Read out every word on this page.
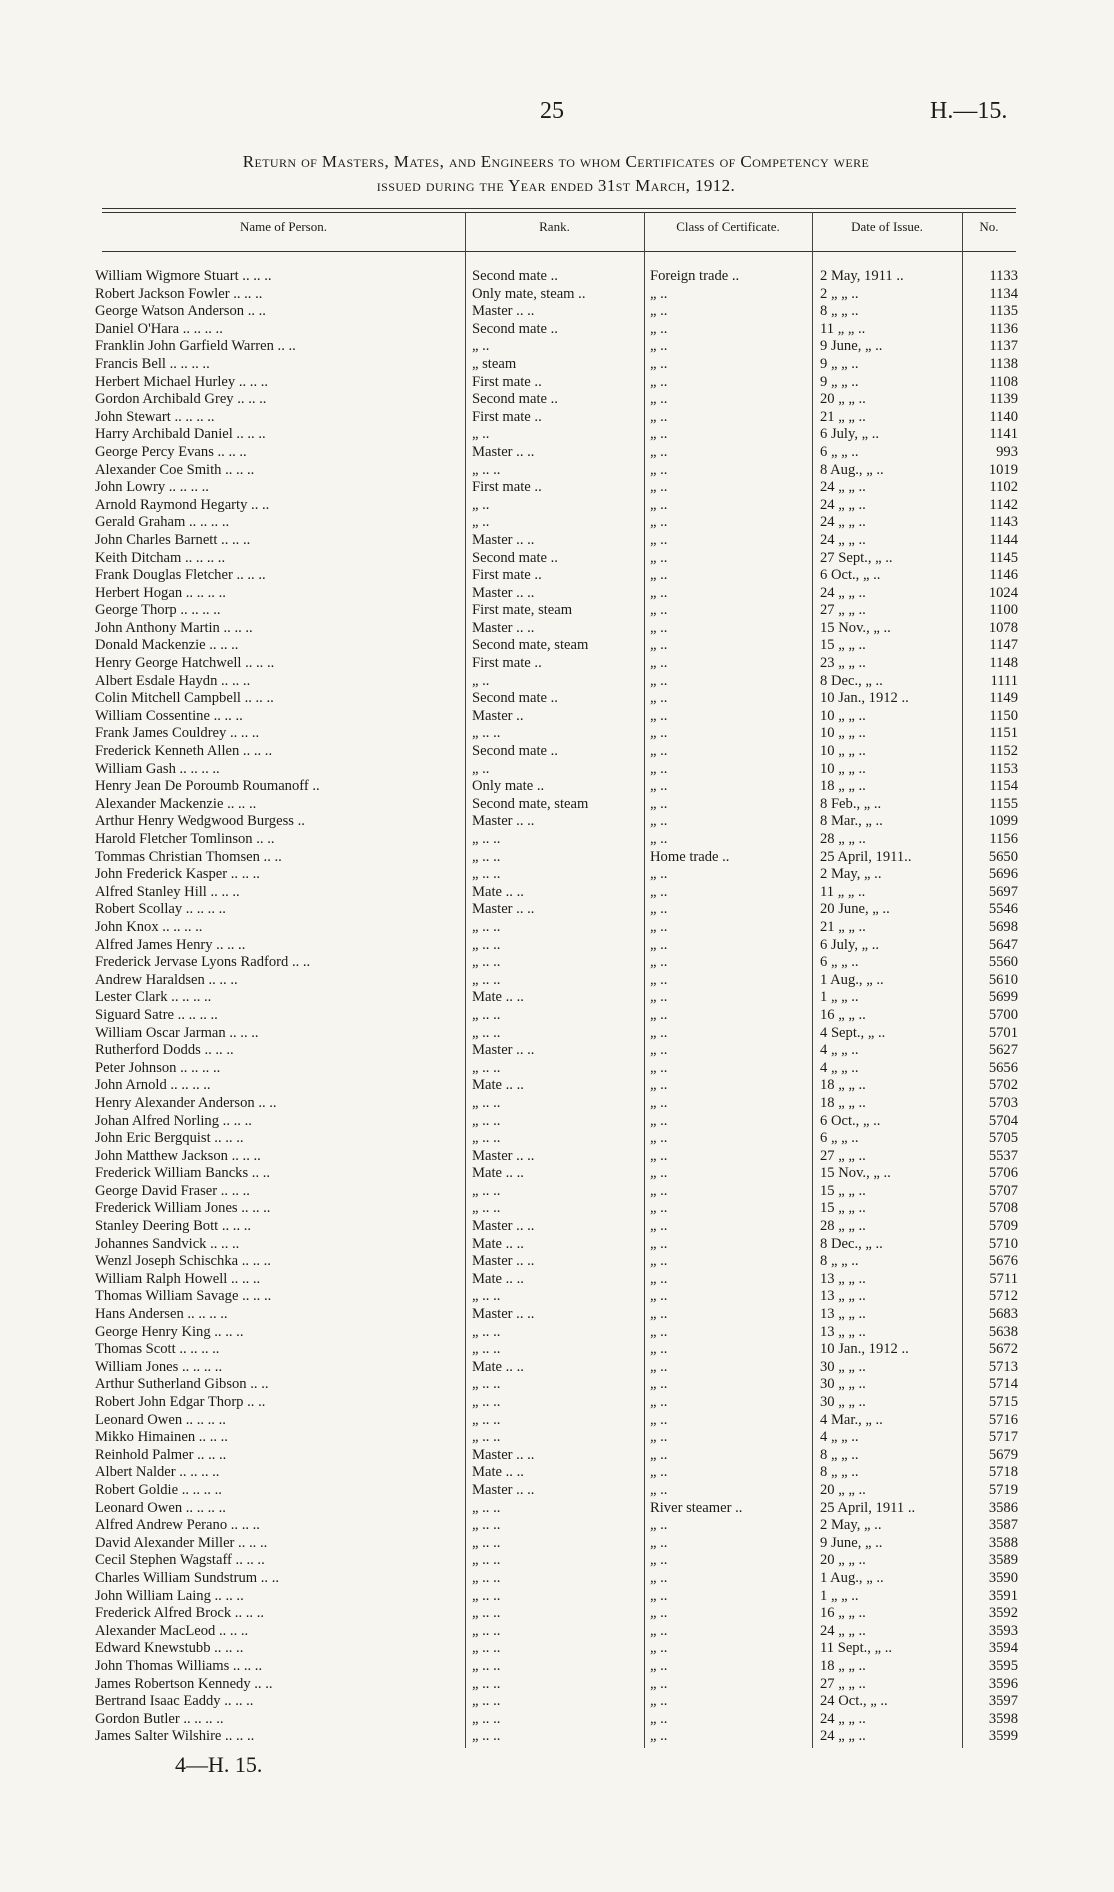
25	H.—15.
Return of Masters, Mates, and Engineers to whom Certificates of Competency were
issued during the Year ended 31st March, 1912.
Name of Person.	Rank.	Class of Certificate.	Date of Issue.	No.
William Wigmore Stuart .. .. ..	Second mate ..	Foreign trade ..	2 May, 1911 ..	1133
Robert Jackson Fowler .. .. ..	Only mate, steam ..	„ ..	2 „ „ ..	1134
George Watson Anderson .. ..	Master .. ..	„ ..	8 „ „ ..	1135
Daniel O'Hara .. .. .. ..	Second mate ..	„ ..	11 „ „ ..	1136
Franklin John Garfield Warren .. ..	„ ..	„ ..	9 June, „ ..	1137
Francis Bell .. .. .. ..	„ steam	„ ..	9 „ „ ..	1138
Herbert Michael Hurley .. .. ..	First mate ..	„ ..	9 „ „ ..	1108
Gordon Archibald Grey .. .. ..	Second mate ..	„ ..	20 „ „ ..	1139
John Stewart .. .. .. ..	First mate ..	„ ..	21 „ „ ..	1140
Harry Archibald Daniel .. .. ..	„ ..	„ ..	6 July, „ ..	1141
George Percy Evans .. .. ..	Master .. ..	„ ..	6 „ „ ..	993
Alexander Coe Smith .. .. ..	„ .. ..	„ ..	8 Aug., „ ..	1019
John Lowry .. .. .. ..	First mate ..	„ ..	24 „ „ ..	1102
Arnold Raymond Hegarty .. ..	„ ..	„ ..	24 „ „ ..	1142
Gerald Graham .. .. .. ..	„ ..	„ ..	24 „ „ ..	1143
John Charles Barnett .. .. ..	Master .. ..	„ ..	24 „ „ ..	1144
Keith Ditcham .. .. .. ..	Second mate ..	„ ..	27 Sept., „ ..	1145
Frank Douglas Fletcher .. .. ..	First mate ..	„ ..	6 Oct., „ ..	1146
Herbert Hogan .. .. .. ..	Master .. ..	„ ..	24 „ „ ..	1024
George Thorp .. .. .. ..	First mate, steam	„ ..	27 „ „ ..	1100
John Anthony Martin .. .. ..	Master .. ..	„ ..	15 Nov., „ ..	1078
Donald Mackenzie .. .. ..	Second mate, steam	„ ..	15 „ „ ..	1147
Henry George Hatchwell .. .. ..	First mate ..	„ ..	23 „ „ ..	1148
Albert Esdale Haydn .. .. ..	„ ..	„ ..	8 Dec., „ ..	1111
Colin Mitchell Campbell .. .. ..	Second mate ..	„ ..	10 Jan., 1912 ..	1149
William Cossentine .. .. ..	Master ..	„ ..	10 „ „ ..	1150
Frank James Couldrey .. .. ..	„ .. ..	„ ..	10 „ „ ..	1151
Frederick Kenneth Allen .. .. ..	Second mate ..	„ ..	10 „ „ ..	1152
William Gash .. .. .. ..	„ ..	„ ..	10 „ „ ..	1153
Henry Jean De Poroumb Roumanoff ..	Only mate ..	„ ..	18 „ „ ..	1154
Alexander Mackenzie .. .. ..	Second mate, steam	„ ..	8 Feb., „ ..	1155
Arthur Henry Wedgwood Burgess ..	Master .. ..	„ ..	8 Mar., „ ..	1099
Harold Fletcher Tomlinson .. ..	„ .. ..	„ ..	28 „ „ ..	1156
Tommas Christian Thomsen .. ..	„ .. ..	Home trade ..	25 April, 1911..	5650
John Frederick Kasper .. .. ..	„ .. ..	„ ..	2 May, „ ..	5696
Alfred Stanley Hill .. .. ..	Mate .. ..	„ ..	11 „ „ ..	5697
Robert Scollay .. .. .. ..	Master .. ..	„ ..	20 June, „ ..	5546
John Knox .. .. .. ..	„ .. ..	„ ..	21 „ „ ..	5698
Alfred James Henry .. .. ..	„ .. ..	„ ..	6 July, „ ..	5647
Frederick Jervase Lyons Radford .. ..	„ .. ..	„ ..	6 „ „ ..	5560
Andrew Haraldsen .. .. ..	„ .. ..	„ ..	1 Aug., „ ..	5610
Lester Clark .. .. .. ..	Mate .. ..	„ ..	1 „ „ ..	5699
Siguard Satre .. .. .. ..	„ .. ..	„ ..	16 „ „ ..	5700
William Oscar Jarman .. .. ..	„ .. ..	„ ..	4 Sept., „ ..	5701
Rutherford Dodds .. .. ..	Master .. ..	„ ..	4 „ „ ..	5627
Peter Johnson .. .. .. ..	„ .. ..	„ ..	4 „ „ ..	5656
John Arnold .. .. .. ..	Mate .. ..	„ ..	18 „ „ ..	5702
Henry Alexander Anderson .. ..	„ .. ..	„ ..	18 „ „ ..	5703
Johan Alfred Norling .. .. ..	„ .. ..	„ ..	6 Oct., „ ..	5704
John Eric Bergquist .. .. ..	„ .. ..	„ ..	6 „ „ ..	5705
John Matthew Jackson .. .. ..	Master .. ..	„ ..	27 „ „ ..	5537
Frederick William Bancks .. ..	Mate .. ..	„ ..	15 Nov., „ ..	5706
George David Fraser .. .. ..	„ .. ..	„ ..	15 „ „ ..	5707
Frederick William Jones .. .. ..	„ .. ..	„ ..	15 „ „ ..	5708
Stanley Deering Bott .. .. ..	Master .. ..	„ ..	28 „ „ ..	5709
Johannes Sandvick .. .. ..	Mate .. ..	„ ..	8 Dec., „ ..	5710
Wenzl Joseph Schischka .. .. ..	Master .. ..	„ ..	8 „ „ ..	5676
William Ralph Howell .. .. ..	Mate .. ..	„ ..	13 „ „ ..	5711
Thomas William Savage .. .. ..	„ .. ..	„ ..	13 „ „ ..	5712
Hans Andersen .. .. .. ..	Master .. ..	„ ..	13 „ „ ..	5683
George Henry King .. .. ..	„ .. ..	„ ..	13 „ „ ..	5638
Thomas Scott .. .. .. ..	„ .. ..	„ ..	10 Jan., 1912 ..	5672
William Jones .. .. .. ..	Mate .. ..	„ ..	30 „ „ ..	5713
Arthur Sutherland Gibson .. ..	„ .. ..	„ ..	30 „ „ ..	5714
Robert John Edgar Thorp .. ..	„ .. ..	„ ..	30 „ „ ..	5715
Leonard Owen .. .. .. ..	„ .. ..	„ ..	4 Mar., „ ..	5716
Mikko Himainen .. .. ..	„ .. ..	„ ..	4 „ „ ..	5717
Reinhold Palmer .. .. ..	Master .. ..	„ ..	8 „ „ ..	5679
Albert Nalder .. .. .. ..	Mate .. ..	„ ..	8 „ „ ..	5718
Robert Goldie .. .. .. ..	Master .. ..	„ ..	20 „ „ ..	5719
Leonard Owen .. .. .. ..	„ .. ..	River steamer ..	25 April, 1911 ..	3586
Alfred Andrew Perano .. .. ..	„ .. ..	„ ..	2 May, „ ..	3587
David Alexander Miller .. .. ..	„ .. ..	„ ..	9 June, „ ..	3588
Cecil Stephen Wagstaff .. .. ..	„ .. ..	„ ..	20 „ „ ..	3589
Charles William Sundstrum .. ..	„ .. ..	„ ..	1 Aug., „ ..	3590
John William Laing .. .. ..	„ .. ..	„ ..	1 „ „ ..	3591
Frederick Alfred Brock .. .. ..	„ .. ..	„ ..	16 „ „ ..	3592
Alexander MacLeod .. .. ..	„ .. ..	„ ..	24 „ „ ..	3593
Edward Knewstubb .. .. ..	„ .. ..	„ ..	11 Sept., „ ..	3594
John Thomas Williams .. .. ..	„ .. ..	„ ..	18 „ „ ..	3595
James Robertson Kennedy .. ..	„ .. ..	„ ..	27 „ „ ..	3596
Bertrand Isaac Eaddy .. .. ..	„ .. ..	„ ..	24 Oct., „ ..	3597
Gordon Butler .. .. .. ..	„ .. ..	„ ..	24 „ „ ..	3598
James Salter Wilshire .. .. ..	„ .. ..	„ ..	24 „ „ ..	3599
4—H. 15.
